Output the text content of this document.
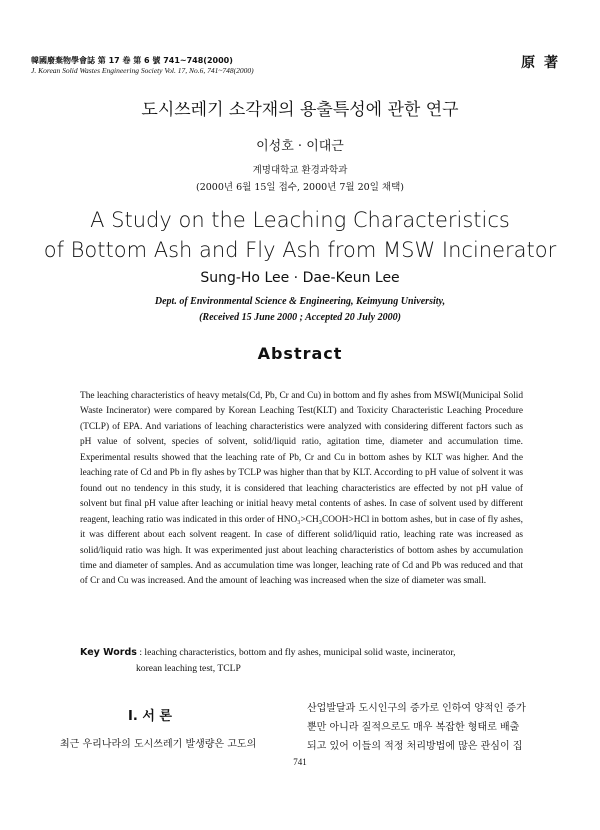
韓國廢棄物學會誌 第 17 卷 第 6 號 741~748(2000)
J. Korean Solid Wastes Engineering Society Vol. 17, No.6, 741~748(2000)	原 著
도시쓰레기 소각재의 용출특성에 관한 연구
이성호 · 이대근
계명대학교 환경과학과
(2000년 6월 15일 접수, 2000년 7월 20일 채택)
A Study on the Leaching Characteristics
of Bottom Ash and Fly Ash from MSW Incinerator
Sung-Ho Lee · Dae-Keun Lee
Dept. of Environmental Science & Engineering, Keimyung University,
(Received 15 June 2000 ; Accepted 20 July 2000)
Abstract
The leaching characteristics of heavy metals(Cd, Pb, Cr and Cu) in bottom and fly ashes from MSWI(Municipal Solid Waste Incinerator) were compared by Korean Leaching Test(KLT) and Toxicity Characteristic Leaching Procedure (TCLP) of EPA. And variations of leaching characteristics were analyzed with considering different factors such as pH value of solvent, species of solvent, solid/liquid ratio, agitation time, diameter and accumulation time. Experimental results showed that the leaching rate of Pb, Cr and Cu in bottom ashes by KLT was higher. And the leaching rate of Cd and Pb in fly ashes by TCLP was higher than that by KLT. According to pH value of solvent it was found out no tendency in this study, it is considered that leaching characteristics are effected by not pH value of solvent but final pH value after leaching or initial heavy metal contents of ashes. In case of solvent used by different reagent, leaching ratio was indicated in this order of HNO₃>CH₃COOH>HCl in bottom ashes, but in case of fly ashes, it was different about each solvent reagent. In case of different solid/liquid ratio, leaching rate was increased as solid/liquid ratio was high. It was experimented just about leaching characteristics of bottom ashes by accumulation time and diameter of samples. And as accumulation time was longer, leaching rate of Cd and Pb was reduced and that of Cr and Cu was increased. And the amount of leaching was increased when the size of diameter was small.
Key Words : leaching characteristics, bottom and fly ashes, municipal solid waste, incinerator,
korean leaching test, TCLP
Ⅰ. 서 론
최근 우리나라의 도시쓰레기 발생량은 고도의
산업발달과 도시인구의 증가로 인하여 양적인 증가
뿐만 아니라 질적으로도 매우 복잡한 형태로 배출
되고 있어 이들의 적정 처리방법에 많은 관심이 집
741
